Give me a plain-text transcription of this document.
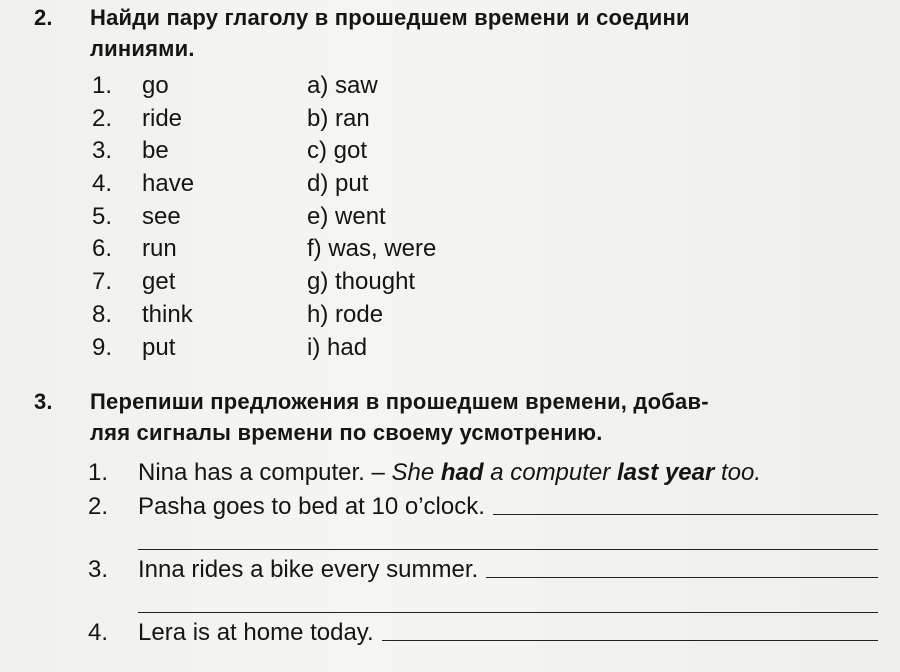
2. Найди пару глаголу в прошедшем времени и соедини
линиями.
1. go	a) saw
2. ride	b) ran
3. be	c) got
4. have	d) put
5. see	e) went
6. run	f) was, were
7. get	g) thought
8. think	h) rode
9. put	i) had
3. Перепиши предложения в прошедшем времени, добав-
ляя сигналы времени по своему усмотрению.
1.	Nina has a computer. – She had a computer last year too.
2.	Pasha goes to bed at 10 o’clock.
3.	Inna rides a bike every summer.
4.	Lera is at home today.
